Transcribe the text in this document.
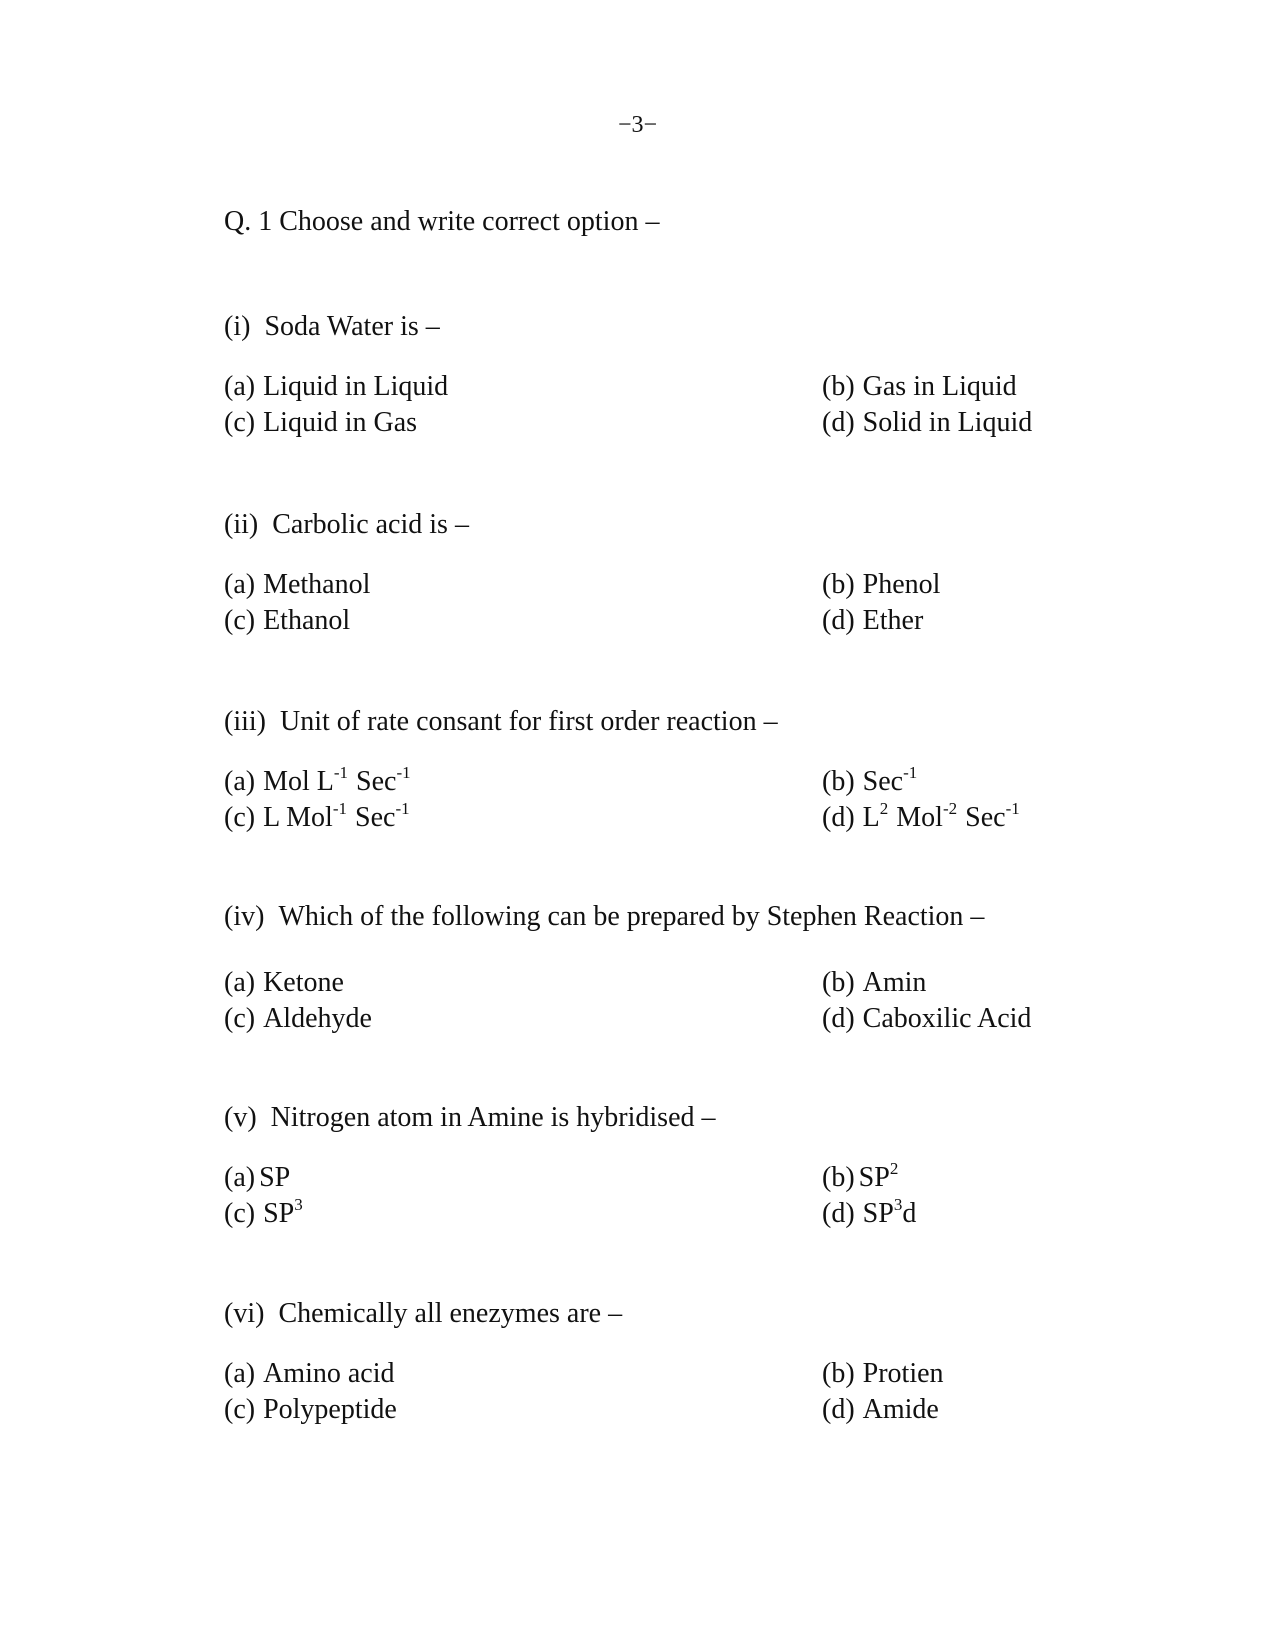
−3−
Q. 1 Choose and write correct option –
(i) Soda Water is –
(a) Liquid in Liquid	(b) Gas in Liquid
(c) Liquid in Gas	(d) Solid in Liquid
(ii) Carbolic acid is –
(a) Methanol	(b) Phenol
(c) Ethanol	(d) Ether
(iii) Unit of rate consant for first order reaction –
(a) Mol $L^{-1}$ Sec$^{-1}$	(b) Sec$^{-1}$
(c) L Mol$^{-1}$ Sec$^{-1}$	(d) $L^2$ Mol$^{-2}$ Sec$^{-1}$
(iv) Which of the following can be prepared by Stephen Reaction –
(a) Ketone	(b) Amin
(c) Aldehyde	(d) Caboxilic Acid
(v) Nitrogen atom in Amine is hybridised –
(a) SP	(b) $SP^2$
(c) $SP^3$	(d) $SP^3d$
(vi) Chemically all enezymes are –
(a) Amino acid	(b) Protien
(c) Polypeptide	(d) Amide
